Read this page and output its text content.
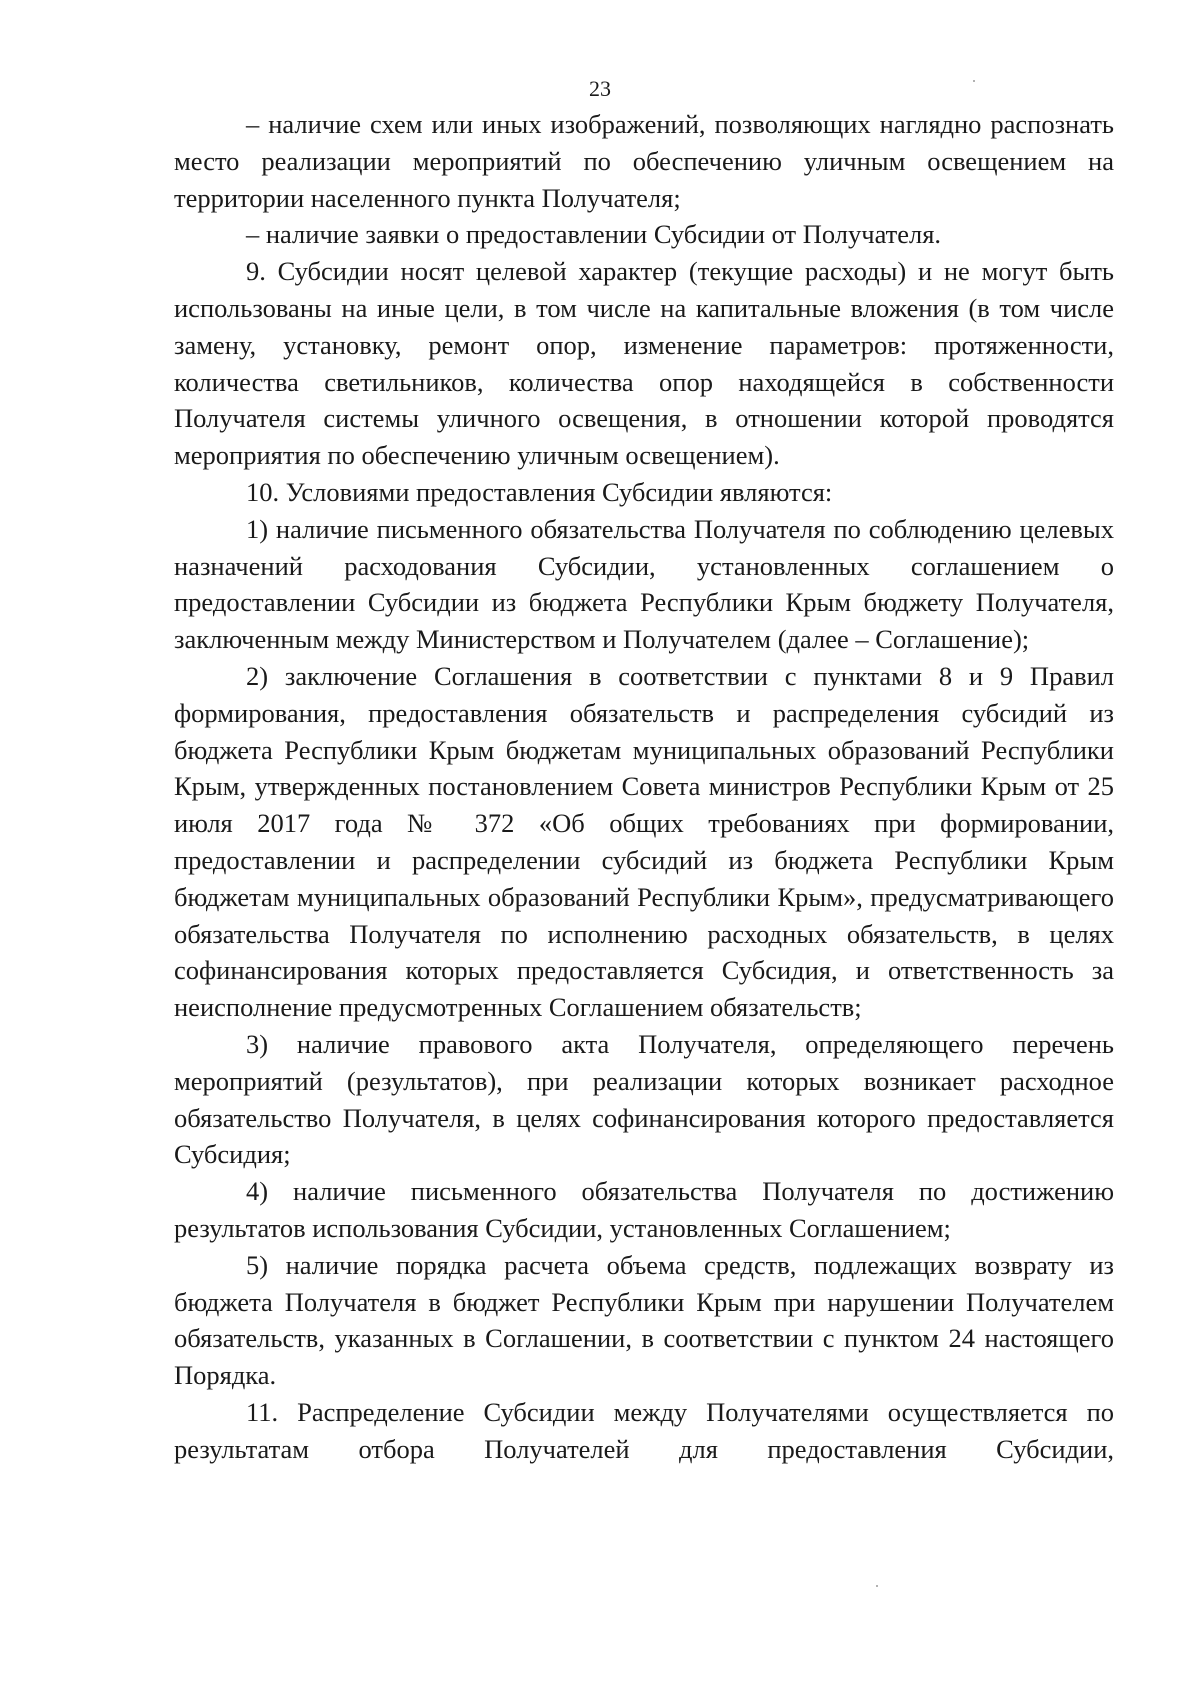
23

– наличие схем или иных изображений, позволяющих наглядно распознать место реализации мероприятий по обеспечению уличным освещением на территории населенного пункта Получателя;

– наличие заявки о предоставлении Субсидии от Получателя.

9. Субсидии носят целевой характер (текущие расходы) и не могут быть использованы на иные цели, в том числе на капитальные вложения (в том числе замену, установку, ремонт опор, изменение параметров: протяженности, количества светильников, количества опор находящейся в собственности Получателя системы уличного освещения, в отношении которой проводятся мероприятия по обеспечению уличным освещением).

10. Условиями предоставления Субсидии являются:

1) наличие письменного обязательства Получателя по соблюдению целевых назначений расходования Субсидии, установленных соглашением о предоставлении Субсидии из бюджета Республики Крым бюджету Получателя, заключенным между Министерством и Получателем (далее – Соглашение);

2) заключение Соглашения в соответствии с пунктами 8 и 9 Правил формирования, предоставления обязательств и распределения субсидий из бюджета Республики Крым бюджетам муниципальных образований Республики Крым, утвержденных постановлением Совета министров Республики Крым от 25 июля 2017 года № 372 «Об общих требованиях при формировании, предоставлении и распределении субсидий из бюджета Республики Крым бюджетам муниципальных образований Республики Крым», предусматривающего обязательства Получателя по исполнению расходных обязательств, в целях софинансирования которых предоставляется Субсидия, и ответственность за неисполнение предусмотренных Соглашением обязательств;

3) наличие правового акта Получателя, определяющего перечень мероприятий (результатов), при реализации которых возникает расходное обязательство Получателя, в целях софинансирования которого предоставляется Субсидия;

4) наличие письменного обязательства Получателя по достижению результатов использования Субсидии, установленных Соглашением;

5) наличие порядка расчета объема средств, подлежащих возврату из бюджета Получателя в бюджет Республики Крым при нарушении Получателем обязательств, указанных в Соглашении, в соответствии с пунктом 24 настоящего Порядка.

11. Распределение Субсидии между Получателями осуществляется по результатам отбора Получателей для предоставления Субсидии,
